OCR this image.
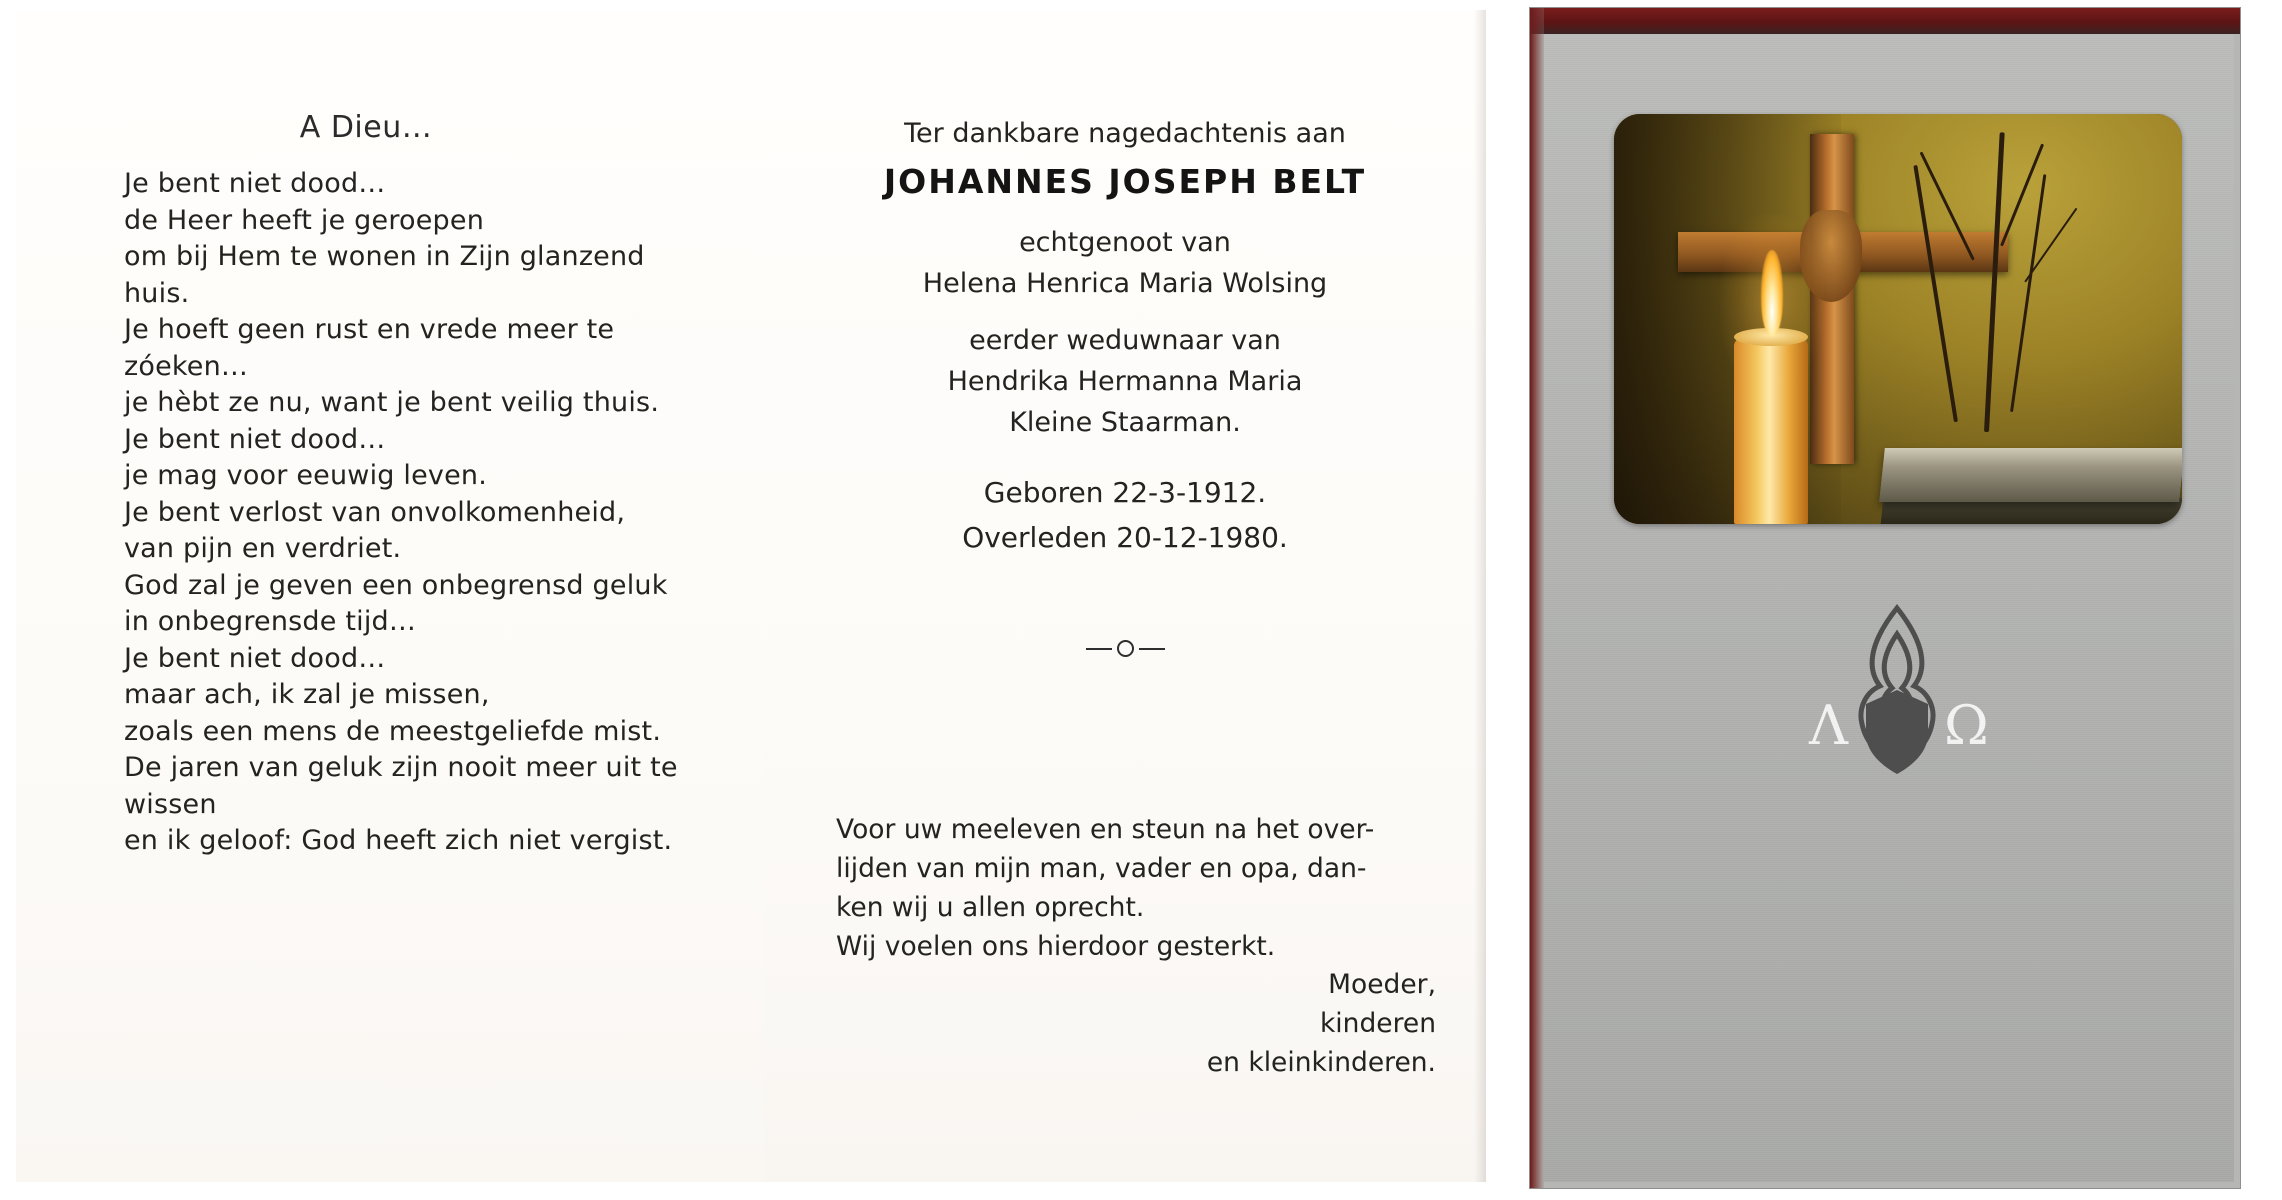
A Dieu…
Je bent niet dood…
de Heer heeft je geroepen
om bij Hem te wonen in Zijn glanzend
huis.
Je hoeft geen rust en vrede meer te
zóeken…
je hèbt ze nu, want je bent veilig thuis.
Je bent niet dood…
je mag voor eeuwig leven.
Je bent verlost van onvolkomenheid,
van pijn en verdriet.
God zal je geven een onbegrensd geluk
in onbegrensde tijd…
Je bent niet dood…
maar ach, ik zal je missen,
zoals een mens de meestgeliefde mist.
De jaren van geluk zijn nooit meer uit te
wissen
en ik geloof: God heeft zich niet vergist.
Ter dankbare nagedachtenis aan
JOHANNES JOSEPH BELT
echtgenoot van
Helena Henrica Maria Wolsing
eerder weduwnaar van
Hendrika Hermanna Maria
Kleine Staarman.
Geboren 22-3-1912.
Overleden 20-12-1980.
Voor uw meeleven en steun na het over-
lijden van mijn man, vader en opa, dan-
ken wij u allen oprecht.
Wij voelen ons hierdoor gesterkt.
Moeder,
kinderen
en kleinkinderen.
Λ Ω
